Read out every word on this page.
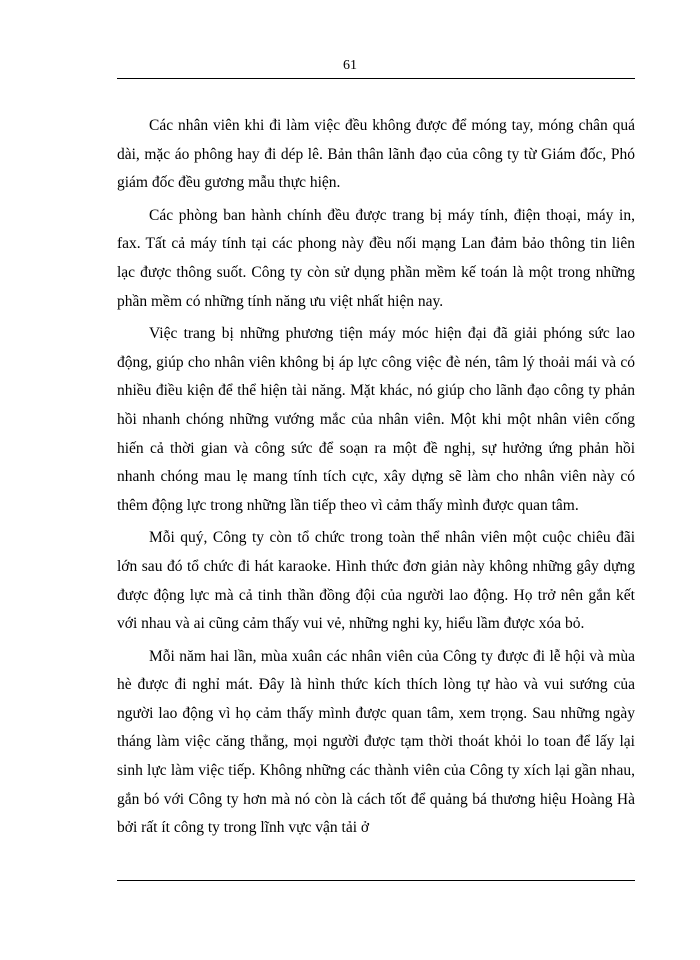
61

Các nhân viên khi đi làm việc đều không được để móng tay, móng chân quá dài, mặc áo phông hay đi dép lê. Bản thân lãnh đạo của công ty từ Giám đốc, Phó giám đốc đều gương mẫu thực hiện.

Các phòng ban hành chính đều được trang bị máy tính, điện thoại, máy in, fax. Tất cả máy tính tại các phong này đều nối mạng Lan đảm bảo thông tin liên lạc được thông suốt. Công ty còn sử dụng phần mềm kế toán là một trong những phần mềm có những tính năng ưu việt nhất hiện nay.

Việc trang bị những phương tiện máy móc hiện đại đã giải phóng sức lao động, giúp cho nhân viên không bị áp lực công việc đè nén, tâm lý thoải mái và có nhiều điều kiện để thể hiện tài năng. Mặt khác, nó giúp cho lãnh đạo công ty phản hồi nhanh chóng những vướng mắc của nhân viên. Một khi một nhân viên cống hiến cả thời gian và công sức để soạn ra một đề nghị, sự hưởng ứng phản hồi nhanh chóng mau lẹ mang tính tích cực, xây dựng sẽ làm cho nhân viên này có thêm động lực trong những lần tiếp theo vì cảm thấy mình được quan tâm.

Mỗi quý, Công ty còn tổ chức trong toàn thể nhân viên một cuộc chiêu đãi lớn sau đó tổ chức đi hát karaoke. Hình thức đơn giản này không những gây dựng được động lực mà cả tinh thần đồng đội của người lao động. Họ trở nên gắn kết với nhau và ai cũng cảm thấy vui vẻ, những nghi ky, hiểu lầm được xóa bỏ.

Mỗi năm hai lần, mùa xuân các nhân viên của Công ty được đi lễ hội và mùa hè được đi nghỉ mát. Đây là hình thức kích thích lòng tự hào và vui sướng của người lao động vì họ cảm thấy mình được quan tâm, xem trọng. Sau những ngày tháng làm việc căng thẳng, mọi người được tạm thời thoát khỏi lo toan để lấy lại sinh lực làm việc tiếp. Không những các thành viên của Công ty xích lại gần nhau, gắn bó với Công ty hơn mà nó còn là cách tốt để quảng bá thương hiệu Hoàng Hà bởi rất ít công ty trong lĩnh vực vận tải ở
